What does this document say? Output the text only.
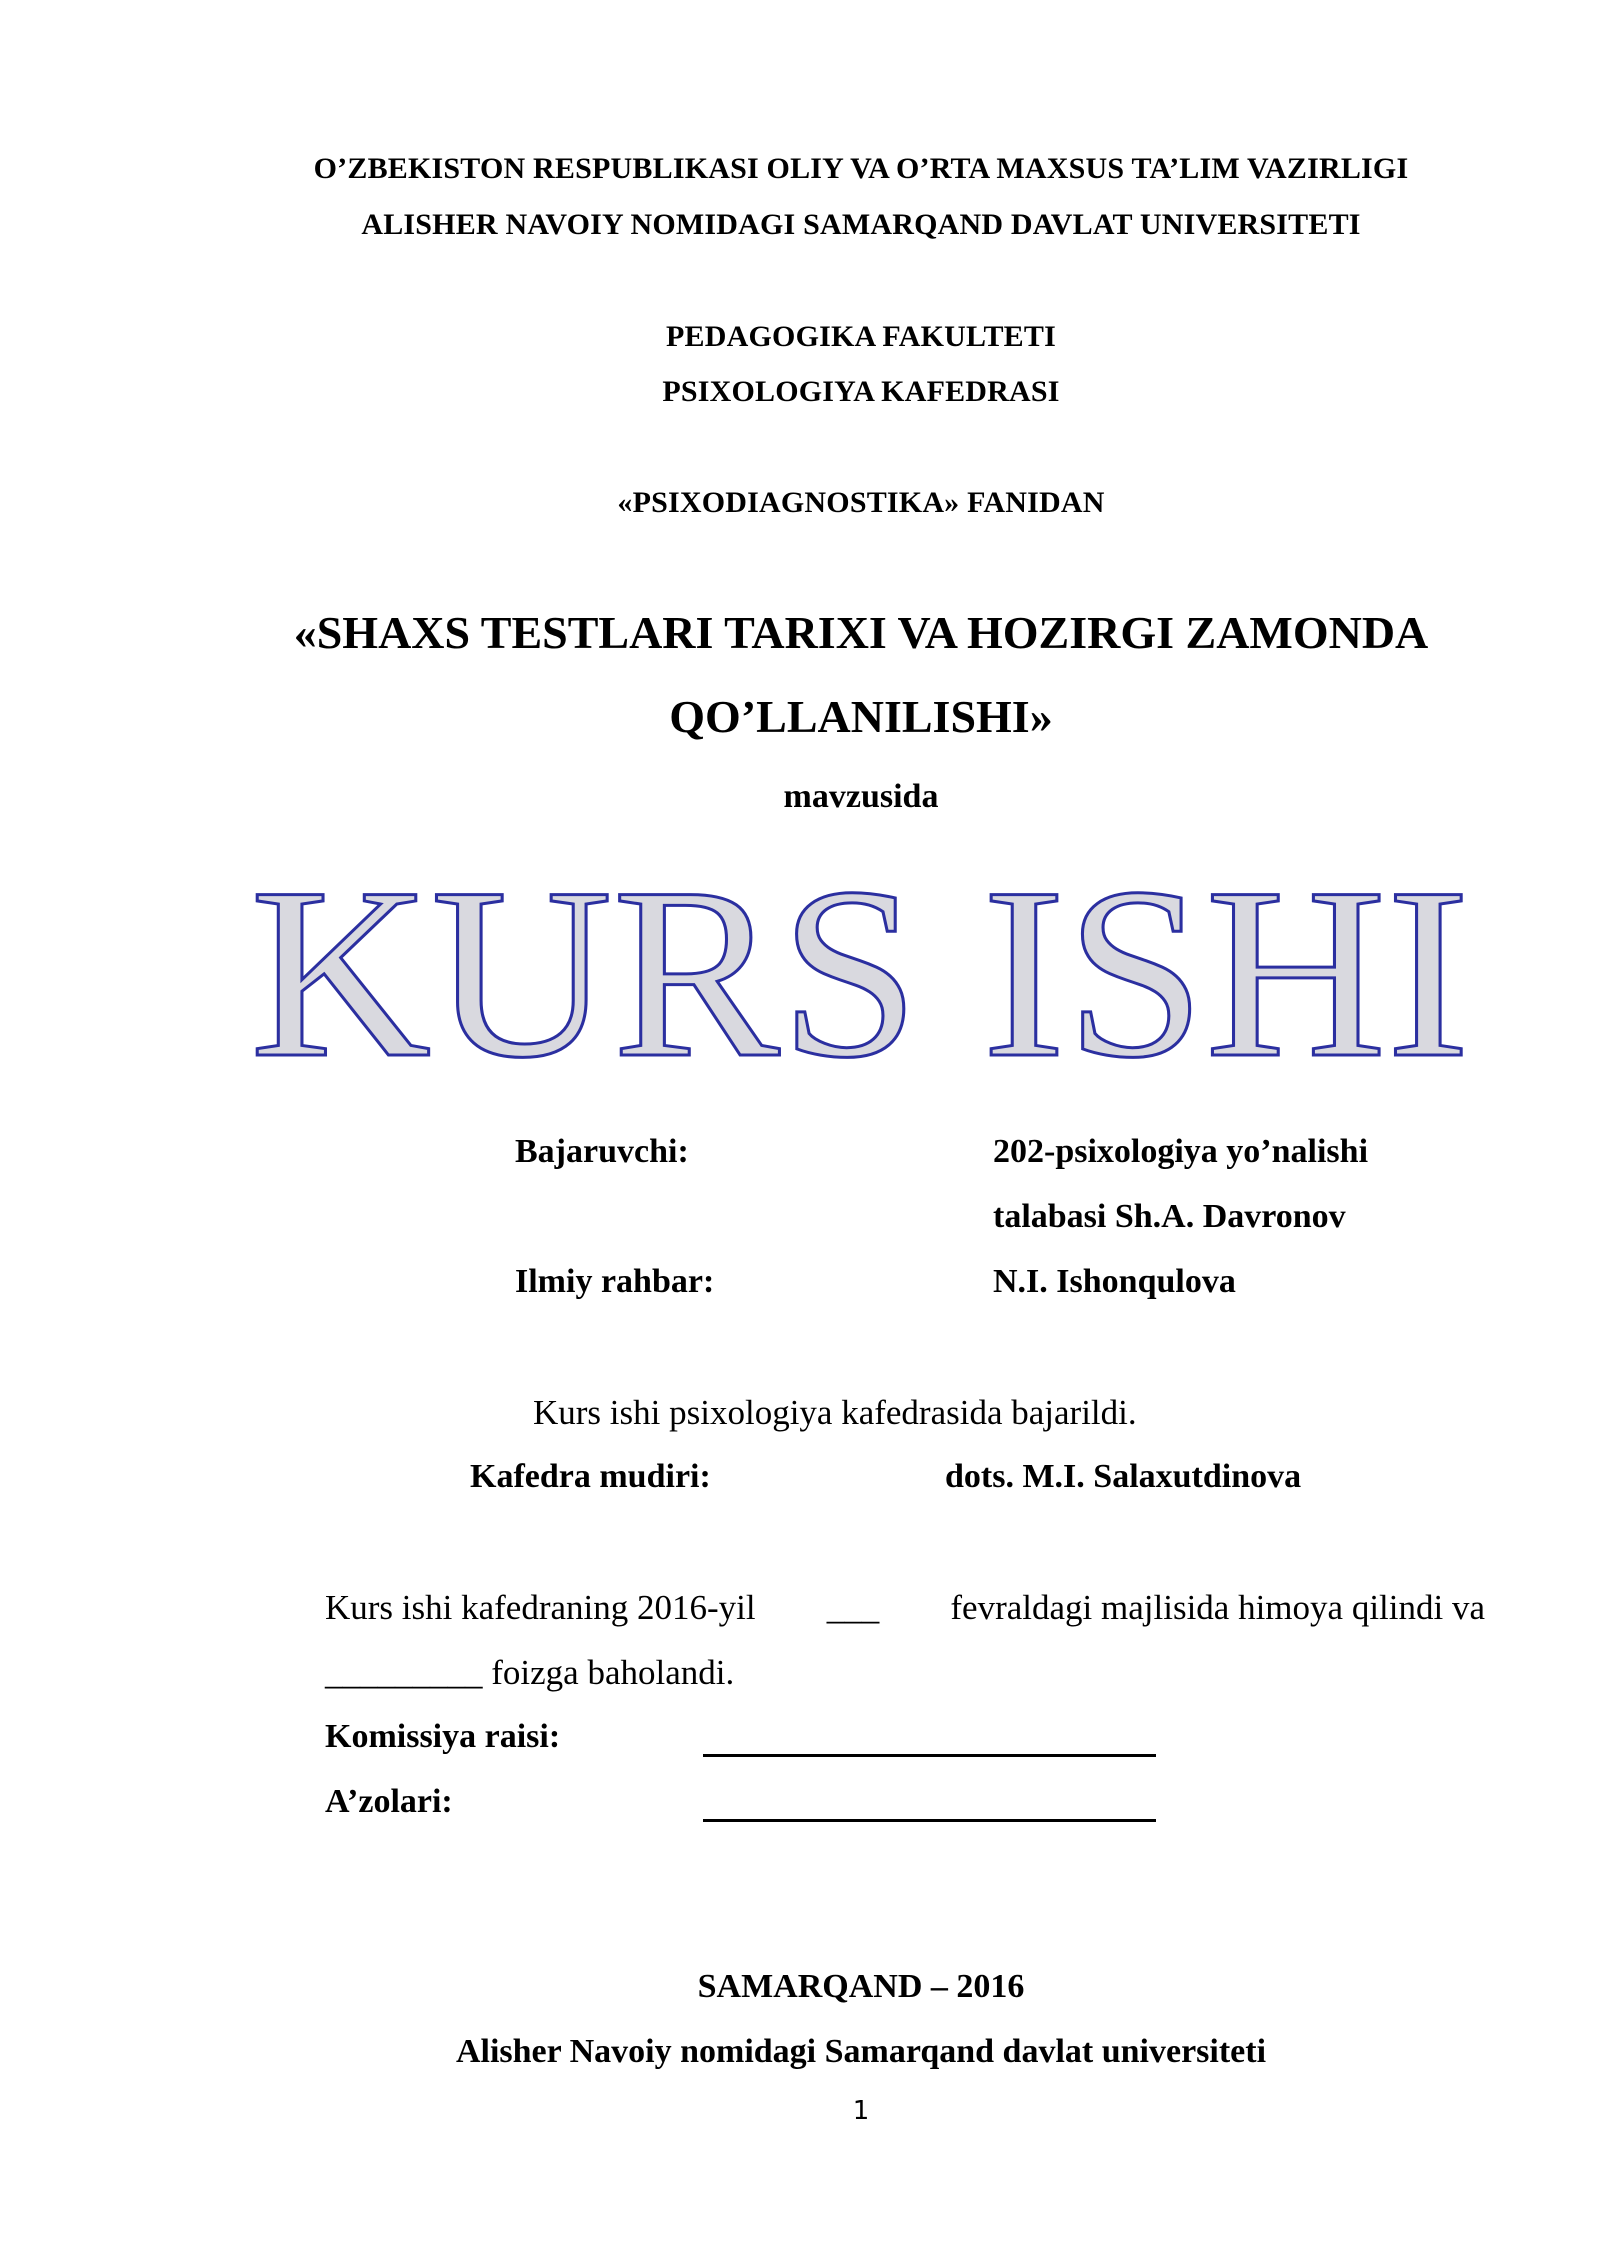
O’ZBEKISTON RESPUBLIKASI OLIY VA O’RTA MAXSUS TA’LIM VAZIRLIGI
ALISHER NAVOIY NOMIDAGI SAMARQAND DAVLAT UNIVERSITETI
PEDAGOGIKA FAKULTETI
PSIXOLOGIYA KAFEDRASI
«PSIXODIAGNOSTIKA» FANIDAN
«SHAXS TESTLARI TARIXI VA HOZIRGI ZAMONDA
QO’LLANILISHI»
mavzusida
KURS ISHI
Bajaruvchi:	202-psixologiya yo’nalishi
talabasi Sh.A. Davronov
Ilmiy rahbar:	N.I. Ishonqulova
Kurs ishi psixologiya kafedrasida bajarildi.
Kafedra mudiri:	dots. M.I. Salaxutdinova
Kurs ishi kafedraning 2016-yil ___ fevraldagi majlisida himoya qilindi va
_________ foizga baholandi.
Komissiya raisi:
A’zolari:
SAMARQAND – 2016
Alisher Navoiy nomidagi Samarqand davlat universiteti
1
